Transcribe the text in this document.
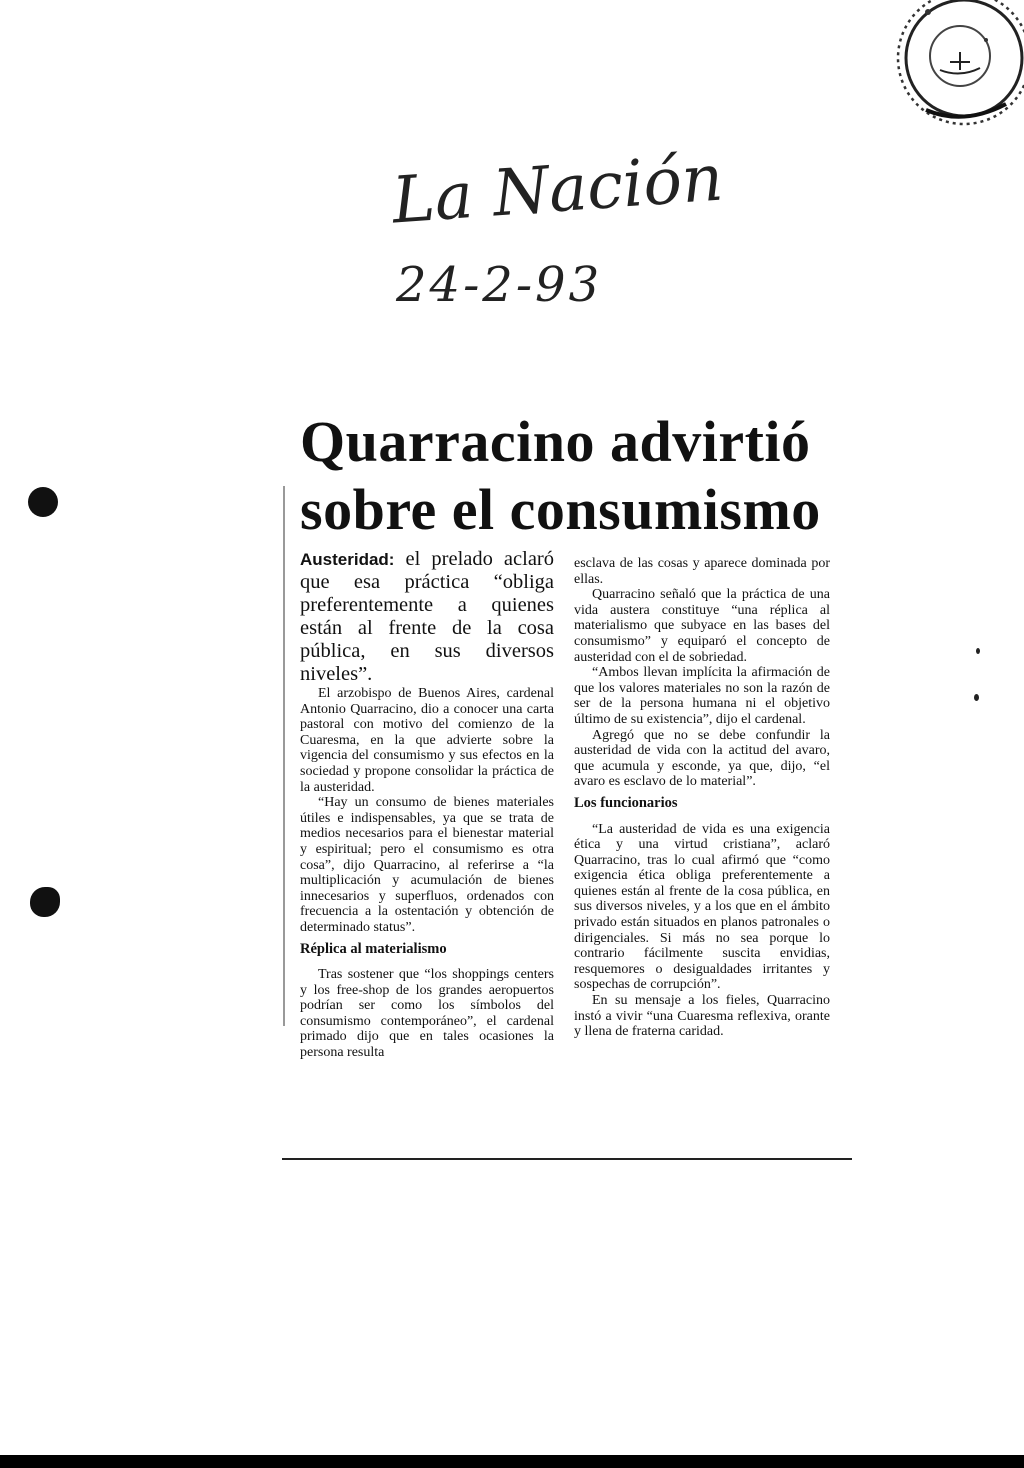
La Nación
24-2-93
Quarracino advirtió
sobre el consumismo

Austeridad: el prelado aclaró que esa práctica “obliga preferentemente a quienes están al frente de la cosa pública, en sus diversos niveles”.

El arzobispo de Buenos Aires, cardenal Antonio Quarracino, dio a conocer una carta pastoral con motivo del comienzo de la Cuaresma, en la que advierte sobre la vigencia del consumismo y sus efectos en la sociedad y propone consolidar la práctica de la austeridad.

“Hay un consumo de bienes materiales útiles e indispensables, ya que se trata de medios necesarios para el bienestar material y espiritual; pero el consumismo es otra cosa”, dijo Quarracino, al referirse a “la multiplicación y acumulación de bienes innecesarios y superfluos, ordenados con frecuencia a la ostentación y obtención de determinado status”.

Réplica al materialismo

Tras sostener que “los shoppings centers y los free-shop de los grandes aeropuertos podrían ser como los símbolos del consumismo contemporáneo”, el cardenal primado dijo que en tales ocasiones la persona resulta

esclava de las cosas y aparece dominada por ellas.

Quarracino señaló que la práctica de una vida austera constituye “una réplica al materialismo que subyace en las bases del consumismo” y equiparó el concepto de austeridad con el de sobriedad.

“Ambos llevan implícita la afirmación de que los valores materiales no son la razón de ser de la persona humana ni el objetivo último de su existencia”, dijo el cardenal.

Agregó que no se debe confundir la austeridad de vida con la actitud del avaro, que acumula y esconde, ya que, dijo, “el avaro es esclavo de lo material”.

Los funcionarios

“La austeridad de vida es una exigencia ética y una virtud cristiana”, aclaró Quarracino, tras lo cual afirmó que “como exigencia ética obliga preferentemente a quienes están al frente de la cosa pública, en sus diversos niveles, y a los que en el ámbito privado están situados en planos patronales o dirigenciales. Si más no sea porque lo contrario fácilmente suscita envidias, resquemores o desigualdades irritantes y sospechas de corrupción”.

En su mensaje a los fieles, Quarracino instó a vivir “una Cuaresma reflexiva, orante y llena de fraterna caridad.
